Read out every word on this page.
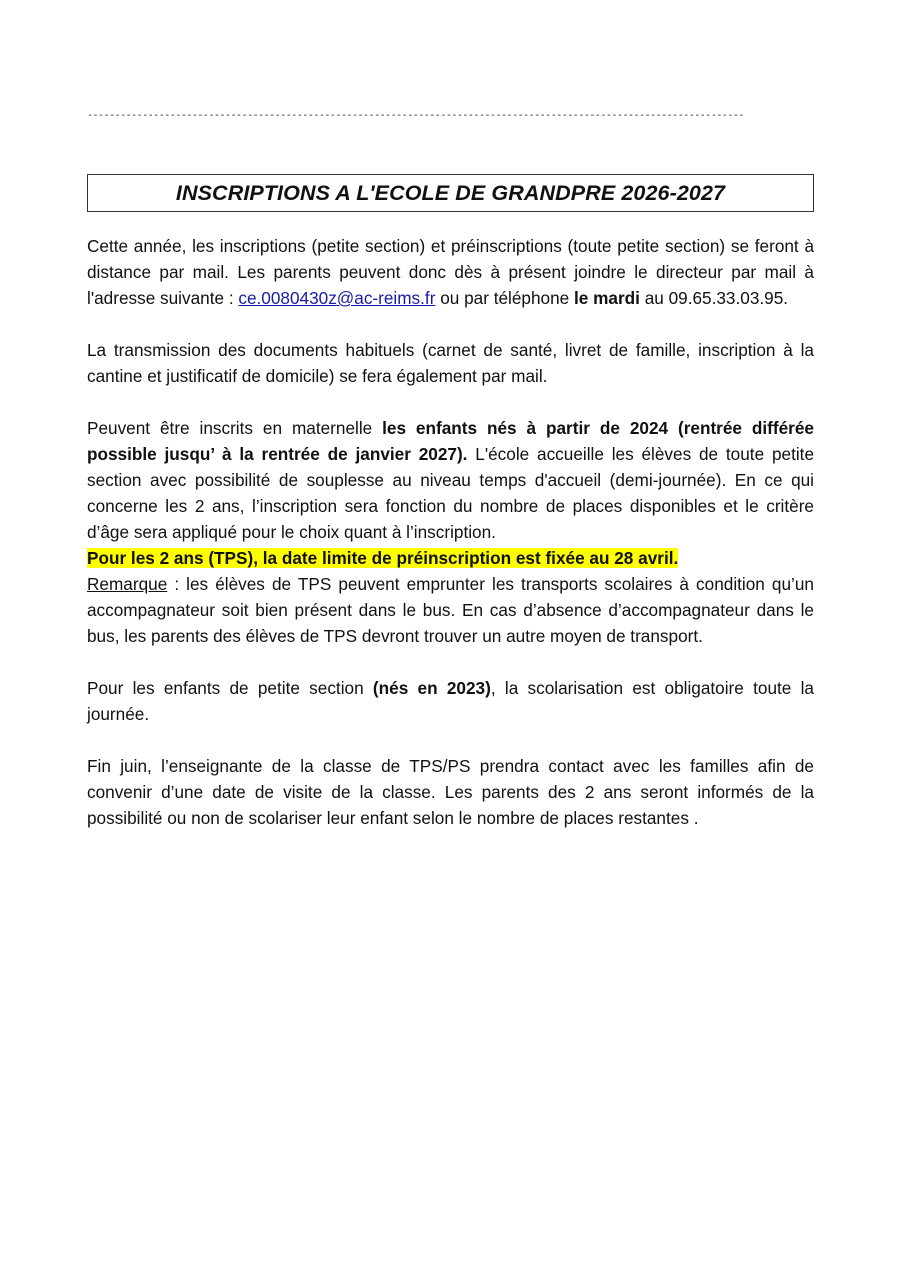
-----------------------------------------------------------------------------------------------------------------------
INSCRIPTIONS A L'ECOLE DE GRANDPRE 2026-2027

Cette année, les inscriptions (petite section) et préinscriptions (toute petite section) se feront à distance par mail. Les parents peuvent donc dès à présent joindre le directeur par mail à l'adresse suivante : ce.0080430z@ac-reims.fr ou par téléphone le mardi au 09.65.33.03.95.

La transmission des documents habituels (carnet de santé, livret de famille, inscription à la cantine et justificatif de domicile) se fera également par mail.

Peuvent être inscrits en maternelle les enfants nés à partir de 2024 (rentrée différée possible jusqu’ à la rentrée de janvier 2027). L'école accueille les élèves de toute petite section avec possibilité de souplesse au niveau temps d'accueil (demi-journée). En ce qui concerne les 2 ans, l’inscription sera fonction du nombre de places disponibles et le critère d’âge sera appliqué pour le choix quant à l’inscription.

Pour les 2 ans (TPS), la date limite de préinscription est fixée au 28 avril.

Remarque : les élèves de TPS peuvent emprunter les transports scolaires à condition qu’un accompagnateur soit bien présent dans le bus. En cas d’absence d’accompagnateur dans le bus, les parents des élèves de TPS devront trouver un autre moyen de transport.

Pour les enfants de petite section (nés en 2023), la scolarisation est obligatoire toute la journée.

Fin juin, l’enseignante de la classe de TPS/PS prendra contact avec les familles afin de convenir d’une date de visite de la classe. Les parents des 2 ans seront informés de la possibilité ou non de scolariser leur enfant selon le nombre de places restantes .
